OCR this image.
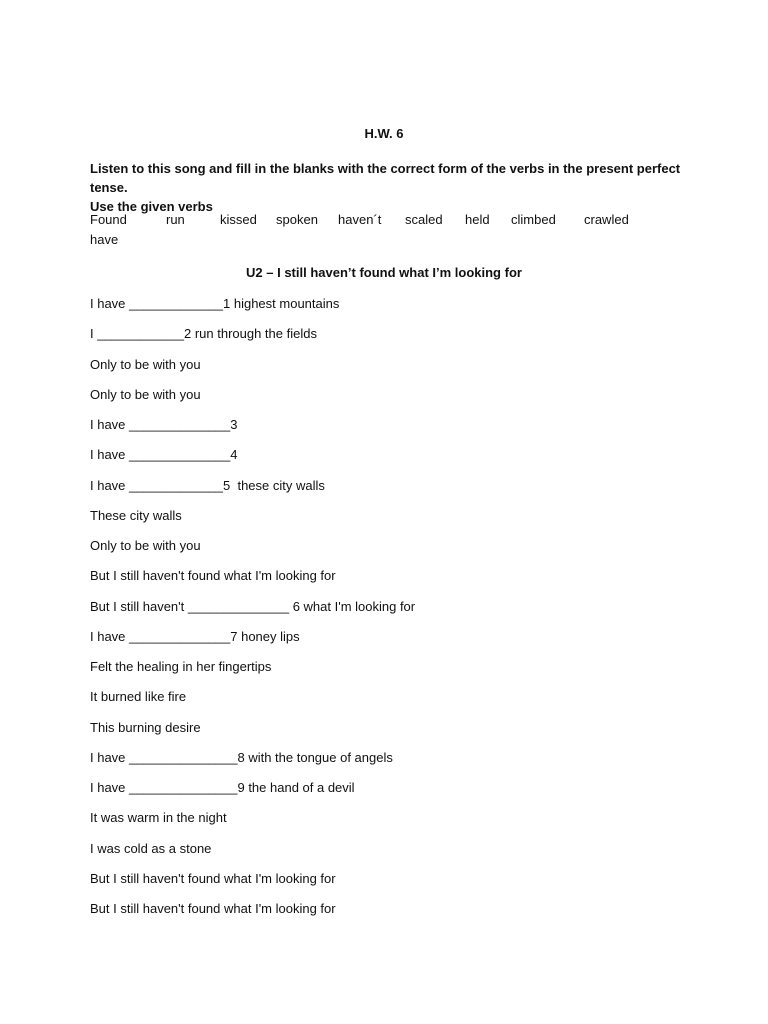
H.W. 6
Listen to this song and fill in the blanks with the correct form of the verbs in the present perfect tense.
Use the given verbs
Found	run	kissed spoken haven´t scaled held climbed crawled
have
U2 – I still haven’t found what I’m looking for
I have _____________1 highest mountains
I ____________2 run through the fields
Only to be with you
Only to be with you
I have ______________3
I have ______________4
I have _____________5  these city walls
These city walls
Only to be with you
But I still haven't found what I'm looking for
But I still haven't ______________ 6 what I'm looking for
I have ______________7 honey lips
Felt the healing in her fingertips
It burned like fire
This burning desire
I have _______________8 with the tongue of angels
I have _______________9 the hand of a devil
It was warm in the night
I was cold as a stone
But I still haven't found what I'm looking for
But I still haven't found what I'm looking for
